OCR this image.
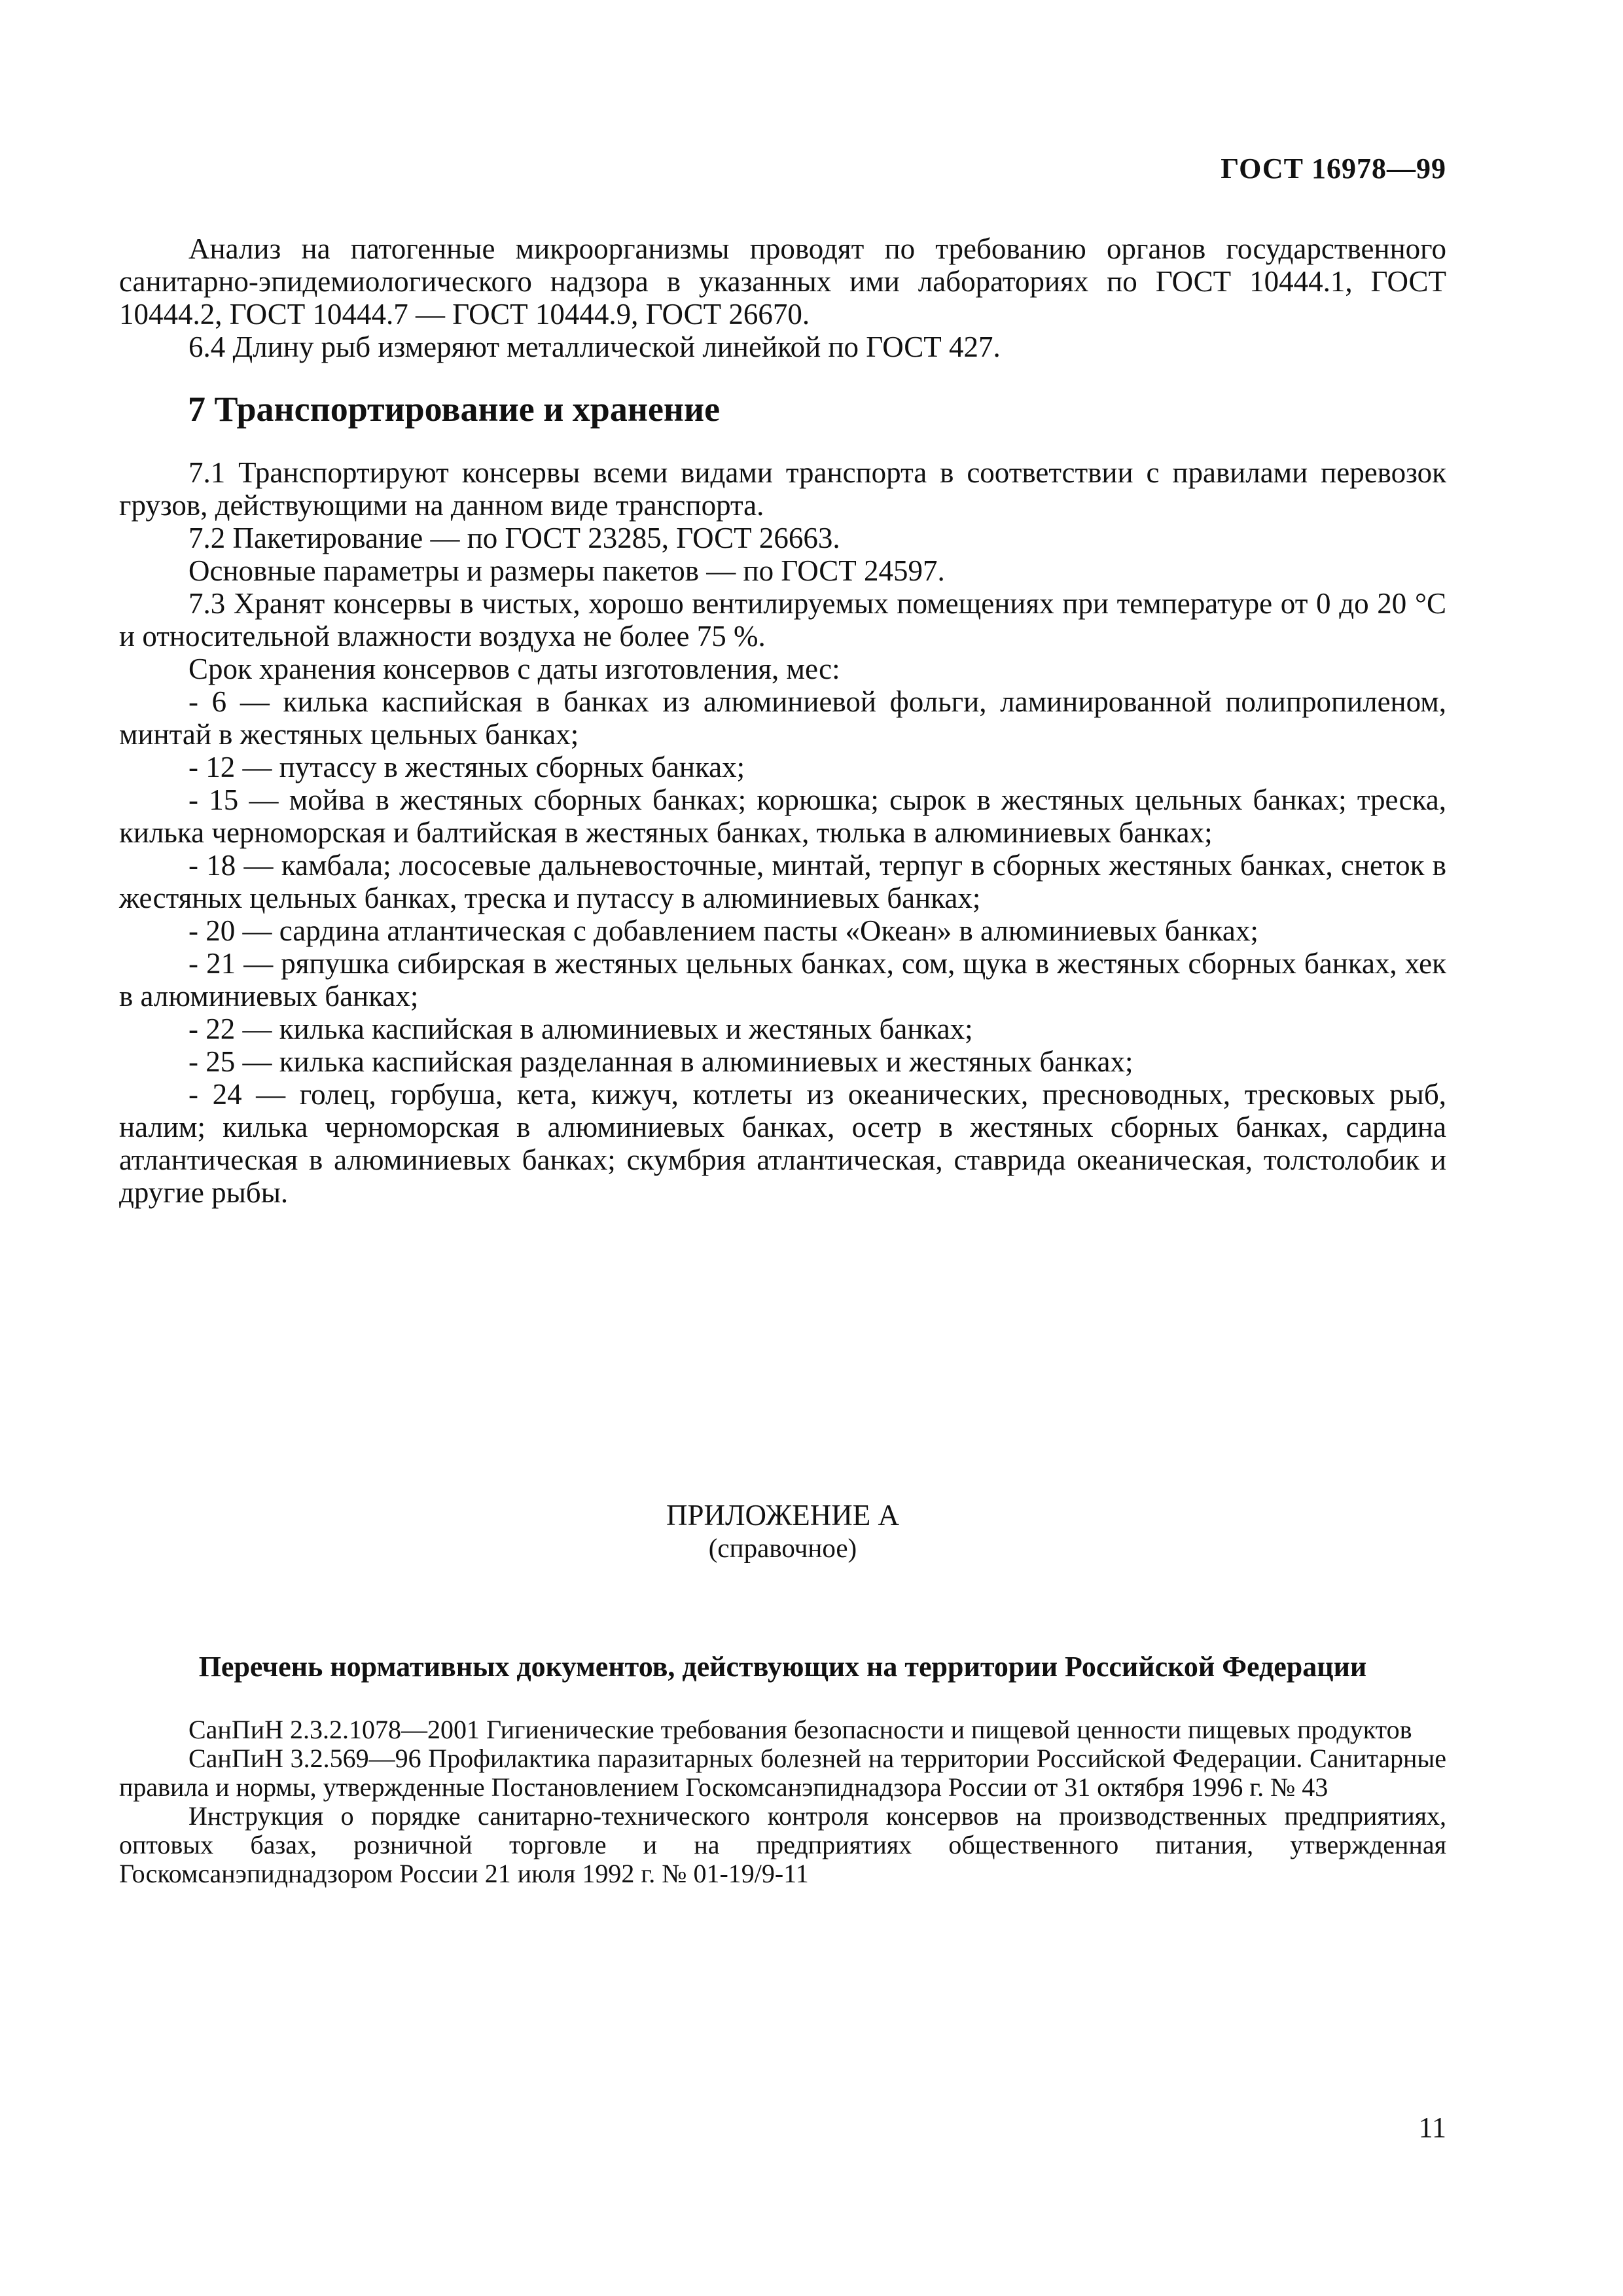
ГОСТ 16978—99

Анализ на патогенные микроорганизмы проводят по требованию органов государственного санитарно-эпидемиологического надзора в указанных ими лабораториях по ГОСТ 10444.1, ГОСТ 10444.2, ГОСТ 10444.7 — ГОСТ 10444.9, ГОСТ 26670.

6.4 Длину рыб измеряют металлической линейкой по ГОСТ 427.

7 Транспортирование и хранение

7.1 Транспортируют консервы всеми видами транспорта в соответствии с правилами перевозок грузов, действующими на данном виде транспорта.

7.2 Пакетирование — по ГОСТ 23285, ГОСТ 26663.

Основные параметры и размеры пакетов — по ГОСТ 24597.

7.3 Хранят консервы в чистых, хорошо вентилируемых помещениях при температуре от 0 до 20 °С и относительной влажности воздуха не более 75 %.

Срок хранения консервов с даты изготовления, мес:

- 6 — килька каспийская в банках из алюминиевой фольги, ламинированной полипропиленом, минтай в жестяных цельных банках;

- 12 — путассу в жестяных сборных банках;

- 15 — мойва в жестяных сборных банках; корюшка; сырок в жестяных цельных банках; треска, килька черноморская и балтийская в жестяных банках, тюлька в алюминиевых банках;

- 18 — камбала; лососевые дальневосточные, минтай, терпуг в сборных жестяных банках, снеток в жестяных цельных банках, треска и путассу в алюминиевых банках;

- 20 — сардина атлантическая с добавлением пасты «Океан» в алюминиевых банках;

- 21 — ряпушка сибирская в жестяных цельных банках, сом, щука в жестяных сборных банках, хек в алюминиевых банках;

- 22 — килька каспийская в алюминиевых и жестяных банках;

- 25 — килька каспийская разделанная в алюминиевых и жестяных банках;

- 24 — голец, горбуша, кета, кижуч, котлеты из океанических, пресноводных, тресковых рыб, налим; килька черноморская в алюминиевых банках, осетр в жестяных сборных банках, сардина атлантическая в алюминиевых банках; скумбрия атлантическая, ставрида океаническая, толстолобик и другие рыбы.

ПРИЛОЖЕНИЕ А
(справочное)
Перечень нормативных документов, действующих на территории Российской Федерации

СанПиН 2.3.2.1078—2001 Гигиенические требования безопасности и пищевой ценности пищевых продуктов

СанПиН 3.2.569—96 Профилактика паразитарных болезней на территории Российской Федерации. Санитарные правила и нормы, утвержденные Постановлением Госкомсанэпиднадзора России от 31 октября 1996 г. № 43

Инструкция о порядке санитарно-технического контроля консервов на производственных предприятиях, оптовых базах, розничной торговле и на предприятиях общественного питания, утвержденная Госкомсанэпиднадзором России 21 июля 1992 г. № 01-19/9-11

11
